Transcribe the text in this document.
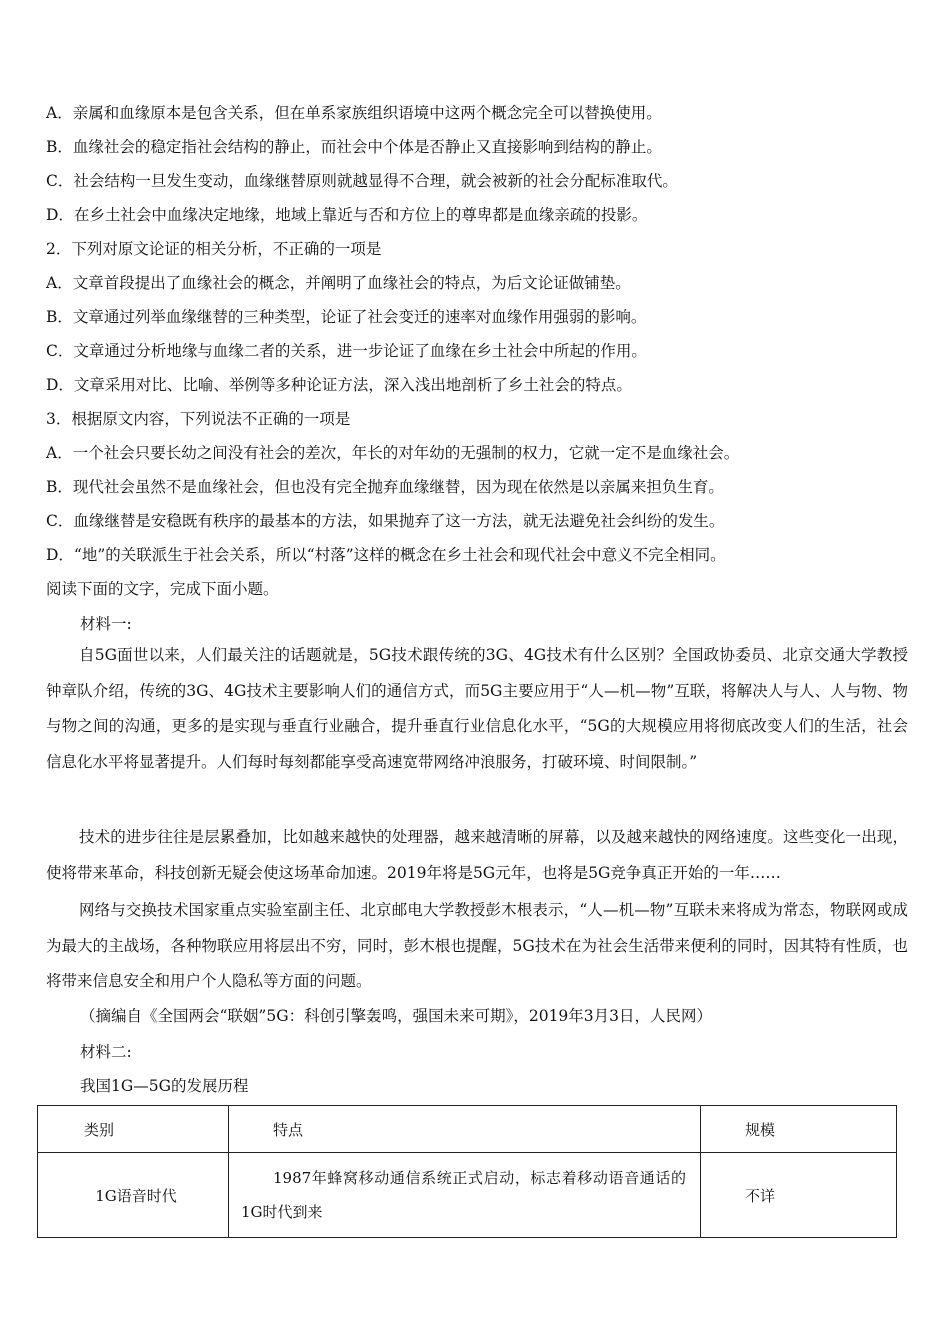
A．亲属和血缘原本是包含关系，但在单系家族组织语境中这两个概念完全可以替换使用。
B．血缘社会的稳定指社会结构的静止，而社会中个体是否静止又直接影响到结构的静止。
C．社会结构一旦发生变动，血缘继替原则就越显得不合理，就会被新的社会分配标准取代。
D．在乡土社会中血缘决定地缘，地域上靠近与否和方位上的尊卑都是血缘亲疏的投影。
2．下列对原文论证的相关分析，不正确的一项是
A．文章首段提出了血缘社会的概念，并阐明了血缘社会的特点，为后文论证做铺垫。
B．文章通过列举血缘继替的三种类型，论证了社会变迁的速率对血缘作用强弱的影响。
C．文章通过分析地缘与血缘二者的关系，进一步论证了血缘在乡土社会中所起的作用。
D．文章采用对比、比喻、举例等多种论证方法，深入浅出地剖析了乡土社会的特点。
3．根据原文内容，下列说法不正确的一项是
A．一个社会只要长幼之间没有社会的差次，年长的对年幼的无强制的权力，它就一定不是血缘社会。
B．现代社会虽然不是血缘社会，但也没有完全抛弃血缘继替，因为现在依然是以亲属来担负生育。
C．血缘继替是安稳既有秩序的最基本的方法，如果抛弃了这一方法，就无法避免社会纠纷的发生。
D．“地”的关联派生于社会关系，所以“村落”这样的概念在乡土社会和现代社会中意义不完全相同。
阅读下面的文字，完成下面小题。
材料一:
自5G面世以来，人们最关注的话题就是，5G技术跟传统的3G、4G技术有什么区别？全国政协委员、北京交通大学教授钟章队介绍，传统的3G、4G技术主要影响人们的通信方式，而5G主要应用于“人—机—物”互联，将解决人与人、人与物、物与物之间的沟通，更多的是实现与垂直行业融合，提升垂直行业信息化水平，“5G的大规模应用将彻底改变人们的生活，社会信息化水平将显著提升。人们每时每刻都能享受高速宽带网络冲浪服务，打破环境、时间限制。”
技术的进步往往是层累叠加，比如越来越快的处理器，越来越清晰的屏幕，以及越来越快的网络速度。这些变化一出现，使将带来革命，科技创新无疑会使这场革命加速。2019年将是5G元年，也将是5G竞争真正开始的一年……
网络与交换技术国家重点实验室副主任、北京邮电大学教授彭木根表示，“人—机—物”互联未来将成为常态，物联网或成为最大的主战场，各种物联应用将层出不穷，同时，彭木根也提醒，5G技术在为社会生活带来便利的同时，因其特有性质，也将带来信息安全和用户个人隐私等方面的问题。
（摘编自《全国两会“联姻”5G：科创引擎轰鸣，强国未来可期》，2019年3月3日，人民网）
材料二:
我国1G—5G的发展历程
类别	特点	规模
1G语音时代	1987年蜂窝移动通信系统正式启动，标志着移动语音通话的1G时代到来	不详
